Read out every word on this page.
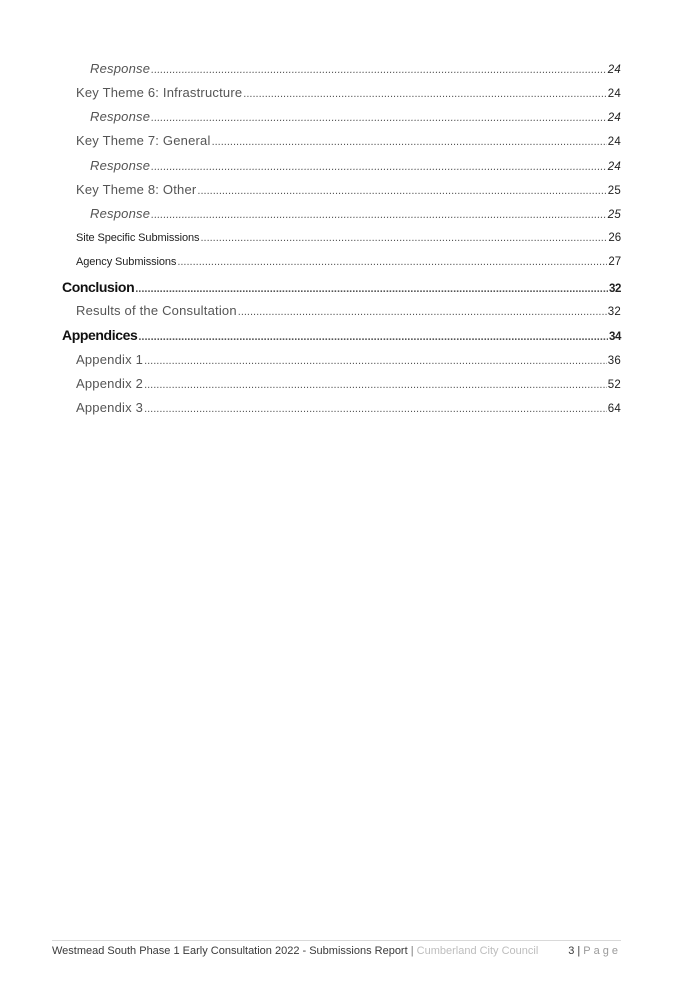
Response .....	24
Key Theme 6: Infrastructure .....	24
Response .....	24
Key Theme 7: General .....	24
Response .....	24
Key Theme 8: Other .....	25
Response .....	25
Site Specific Submissions .....	26
Agency Submissions .....	27
Conclusion .....	32
Results of the Consultation .....	32
Appendices .....	34
Appendix 1 .....	36
Appendix 2 .....	52
Appendix 3 .....	64
Westmead South Phase 1 Early Consultation 2022 - Submissions Report | Cumberland City Council	3 | Page
